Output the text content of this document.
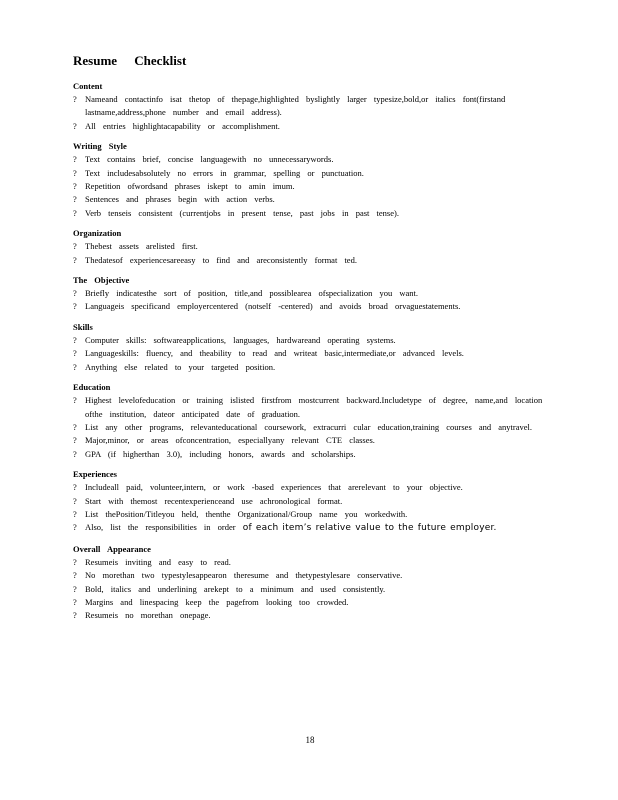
Resume Checklist
Content
? Nameand contactinfo isat thetop of thepage,highlighted byslightly larger typesize,bold,or italics font(firstand lastname,address,phone number and email address).
? All entries highlightacapability or accomplishment.
Writing Style
? Text contains brief, concise languagewith no unnecessarywords.
? Text includesabsolutely no errors in grammar, spelling or punctuation.
? Repetition ofwordsand phrases iskept to amin imum.
? Sentences and phrases begin with action verbs.
? Verb tenseis consistent (currentjobs in present tense, past jobs in past tense).
Organization
? Thebest assets arelisted first.
? Thedatesof experiencesareeasy to find and areconsistently format ted.
The Objective
? Briefly indicatesthe sort of position, title,and possiblearea ofspecialization you want.
? Languageis specificand employercentered (notself -centered) and avoids broad orvaguestatements.
Skills
? Computer skills: softwareapplications, languages, hardwareand operating systems.
? Languageskills: fluency, and theability to read and writeat basic,intermediate,or advanced levels.
? Anything else related to your targeted position.
Education
? Highest levelofeducation or training islisted firstfrom mostcurrent backward.Includetype of degree, name,and location ofthe institution, dateor anticipated date of graduation.
? List any other programs, relevanteducational coursework, extracurri cular education,training courses and anytravel.
? Major,minor, or areas ofconcentration, especiallyany relevant CTE classes.
? GPA (if higherthan 3.0), including honors, awards and scholarships.
Experiences
? Includeall paid, volunteer,intern, or work -based experiences that arerelevant to your objective.
? Start with themost recentexperienceand use achronological format.
? List thePosition/Titleyou held, thenthe Organizational/Group name you workedwith.
? Also, list the responsibilities in order of each item’s relative value to the future employer.
Overall Appearance
? Resumeis inviting and easy to read.
? No morethan two typestylesappearon theresume and thetypestylesare conservative.
? Bold, italics and underlining arekept to a minimum and used consistently.
? Margins and linespacing keep the pagefrom looking too crowded.
? Resumeis no morethan onepage.
18
